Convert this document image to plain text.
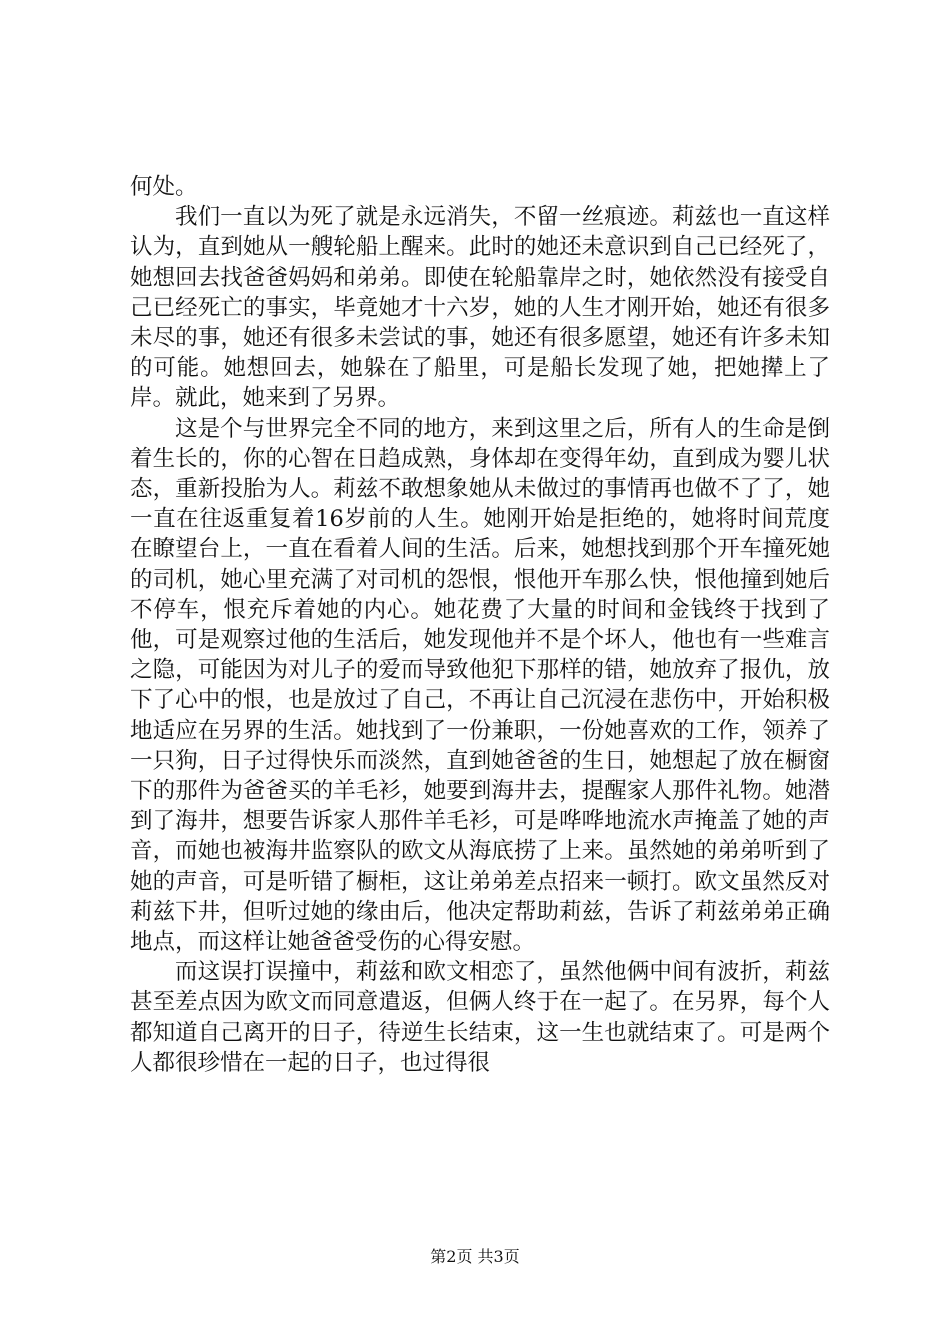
何处。

我们一直以为死了就是永远消失，不留一丝痕迹。莉兹也一直这样认为，直到她从一艘轮船上醒来。此时的她还未意识到自己已经死了，她想回去找爸爸妈妈和弟弟。即使在轮船靠岸之时，她依然没有接受自己已经死亡的事实，毕竟她才十六岁，她的人生才刚开始，她还有很多未尽的事，她还有很多未尝试的事，她还有很多愿望，她还有许多未知的可能。她想回去，她躲在了船里，可是船长发现了她，把她撵上了岸。就此，她来到了另界。

这是个与世界完全不同的地方，来到这里之后，所有人的生命是倒着生长的，你的心智在日趋成熟，身体却在变得年幼，直到成为婴儿状态，重新投胎为人。莉兹不敢想象她从未做过的事情再也做不了了，她一直在往返重复着16岁前的人生。她刚开始是拒绝的，她将时间荒度在瞭望台上，一直在看着人间的生活。后来，她想找到那个开车撞死她的司机，她心里充满了对司机的怨恨，恨他开车那么快，恨他撞到她后不停车，恨充斥着她的内心。她花费了大量的时间和金钱终于找到了他，可是观察过他的生活后，她发现他并不是个坏人，他也有一些难言之隐，可能因为对儿子的爱而导致他犯下那样的错，她放弃了报仇，放下了心中的恨，也是放过了自己，不再让自己沉浸在悲伤中，开始积极地适应在另界的生活。她找到了一份兼职，一份她喜欢的工作，领养了一只狗，日子过得快乐而淡然，直到她爸爸的生日，她想起了放在橱窗下的那件为爸爸买的羊毛衫，她要到海井去，提醒家人那件礼物。她潜到了海井，想要告诉家人那件羊毛衫，可是哗哗地流水声掩盖了她的声音，而她也被海井监察队的欧文从海底捞了上来。虽然她的弟弟听到了她的声音，可是听错了橱柜，这让弟弟差点招来一顿打。欧文虽然反对莉兹下井，但听过她的缘由后，他决定帮助莉兹，告诉了莉兹弟弟正确地点，而这样让她爸爸受伤的心得安慰。

而这误打误撞中，莉兹和欧文相恋了，虽然他俩中间有波折，莉兹甚至差点因为欧文而同意遣返，但俩人终于在一起了。在另界，每个人都知道自己离开的日子，待逆生长结束，这一生也就结束了。可是两个人都很珍惜在一起的日子，也过得很

第2页 共3页
